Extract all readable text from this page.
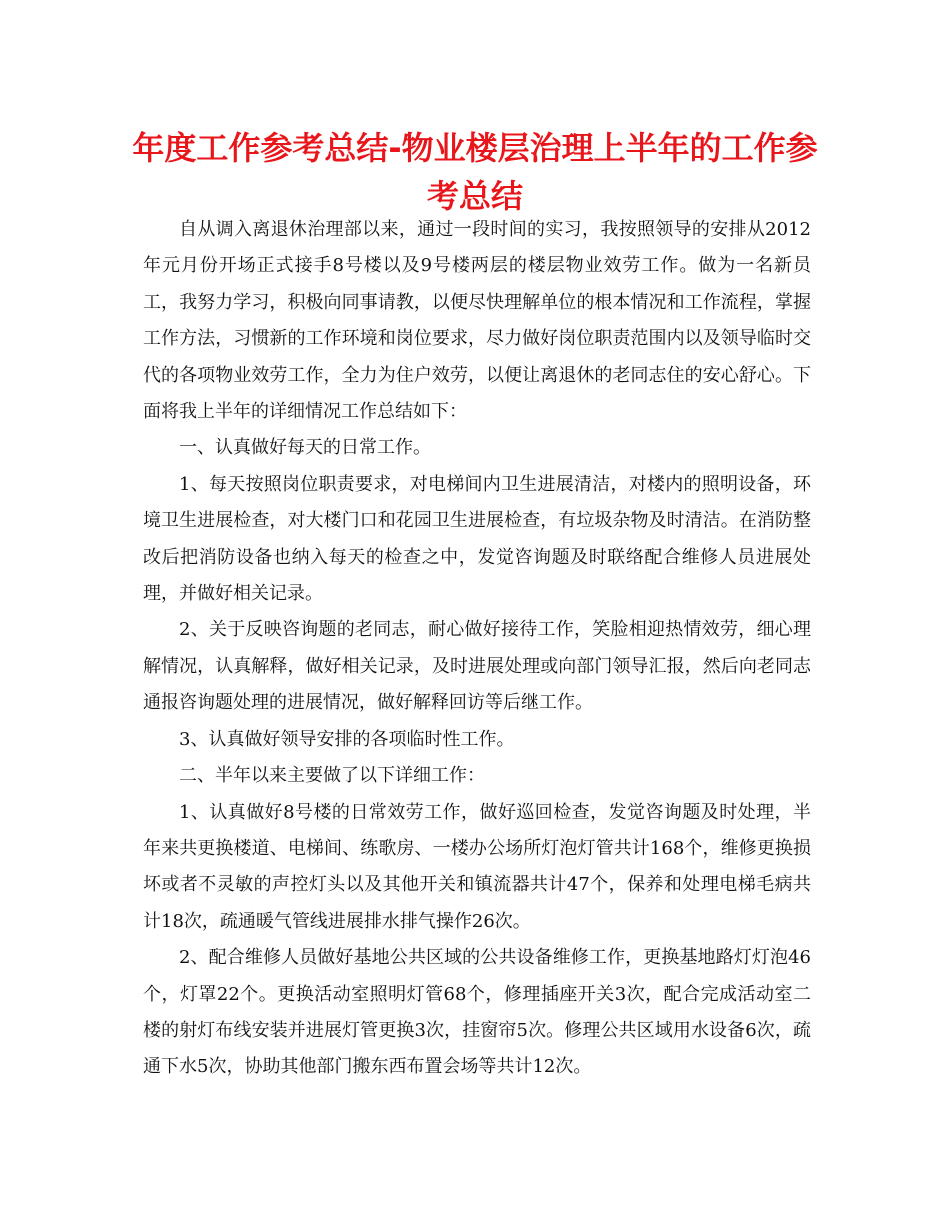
年度工作参考总结-物业楼层治理上半年的工作参考总结

自从调入离退休治理部以来，通过一段时间的实习，我按照领导的安排从2012年元月份开场正式接手8号楼以及9号楼两层的楼层物业效劳工作。做为一名新员工，我努力学习，积极向同事请教，以便尽快理解单位的根本情况和工作流程，掌握工作方法，习惯新的工作环境和岗位要求，尽力做好岗位职责范围内以及领导临时交代的各项物业效劳工作，全力为住户效劳，以便让离退休的老同志住的安心舒心。下面将我上半年的详细情况工作总结如下：

一、认真做好每天的日常工作。

1、每天按照岗位职责要求，对电梯间内卫生进展清洁，对楼内的照明设备，环境卫生进展检查，对大楼门口和花园卫生进展检查，有垃圾杂物及时清洁。在消防整改后把消防设备也纳入每天的检查之中，发觉咨询题及时联络配合维修人员进展处理，并做好相关记录。

2、关于反映咨询题的老同志，耐心做好接待工作，笑脸相迎热情效劳，细心理解情况，认真解释，做好相关记录，及时进展处理或向部门领导汇报，然后向老同志通报咨询题处理的进展情况，做好解释回访等后继工作。

3、认真做好领导安排的各项临时性工作。

二、半年以来主要做了以下详细工作：

1、认真做好8号楼的日常效劳工作，做好巡回检查，发觉咨询题及时处理，半年来共更换楼道、电梯间、练歌房、一楼办公场所灯泡灯管共计168个，维修更换损坏或者不灵敏的声控灯头以及其他开关和镇流器共计47个，保养和处理电梯毛病共计18次，疏通暖气管线进展排水排气操作26次。

2、配合维修人员做好基地公共区域的公共设备维修工作，更换基地路灯灯泡46个，灯罩22个。更换活动室照明灯管68个，修理插座开关3次，配合完成活动室二楼的射灯布线安装并进展灯管更换3次，挂窗帘5次。修理公共区域用水设备6次，疏通下水5次，协助其他部门搬东西布置会场等共计12次。
